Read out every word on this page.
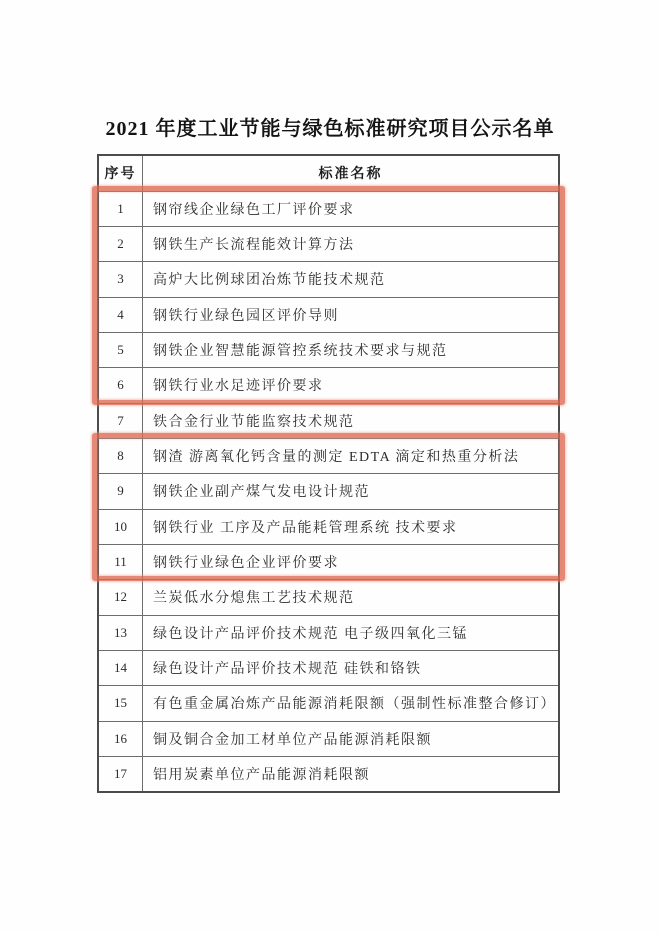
2021 年度工业节能与绿色标准研究项目公示名单
序号	标准名称
1	钢帘线企业绿色工厂评价要求
2	钢铁生产长流程能效计算方法
3	高炉大比例球团冶炼节能技术规范
4	钢铁行业绿色园区评价导则
5	钢铁企业智慧能源管控系统技术要求与规范
6	钢铁行业水足迹评价要求
7	铁合金行业节能监察技术规范
8	钢渣 游离氧化钙含量的测定 EDTA 滴定和热重分析法
9	钢铁企业副产煤气发电设计规范
10	钢铁行业 工序及产品能耗管理系统 技术要求
11	钢铁行业绿色企业评价要求
12	兰炭低水分熄焦工艺技术规范
13	绿色设计产品评价技术规范 电子级四氧化三锰
14	绿色设计产品评价技术规范 硅铁和铬铁
15	有色重金属冶炼产品能源消耗限额（强制性标准整合修订）
16	铜及铜合金加工材单位产品能源消耗限额
17	铝用炭素单位产品能源消耗限额
